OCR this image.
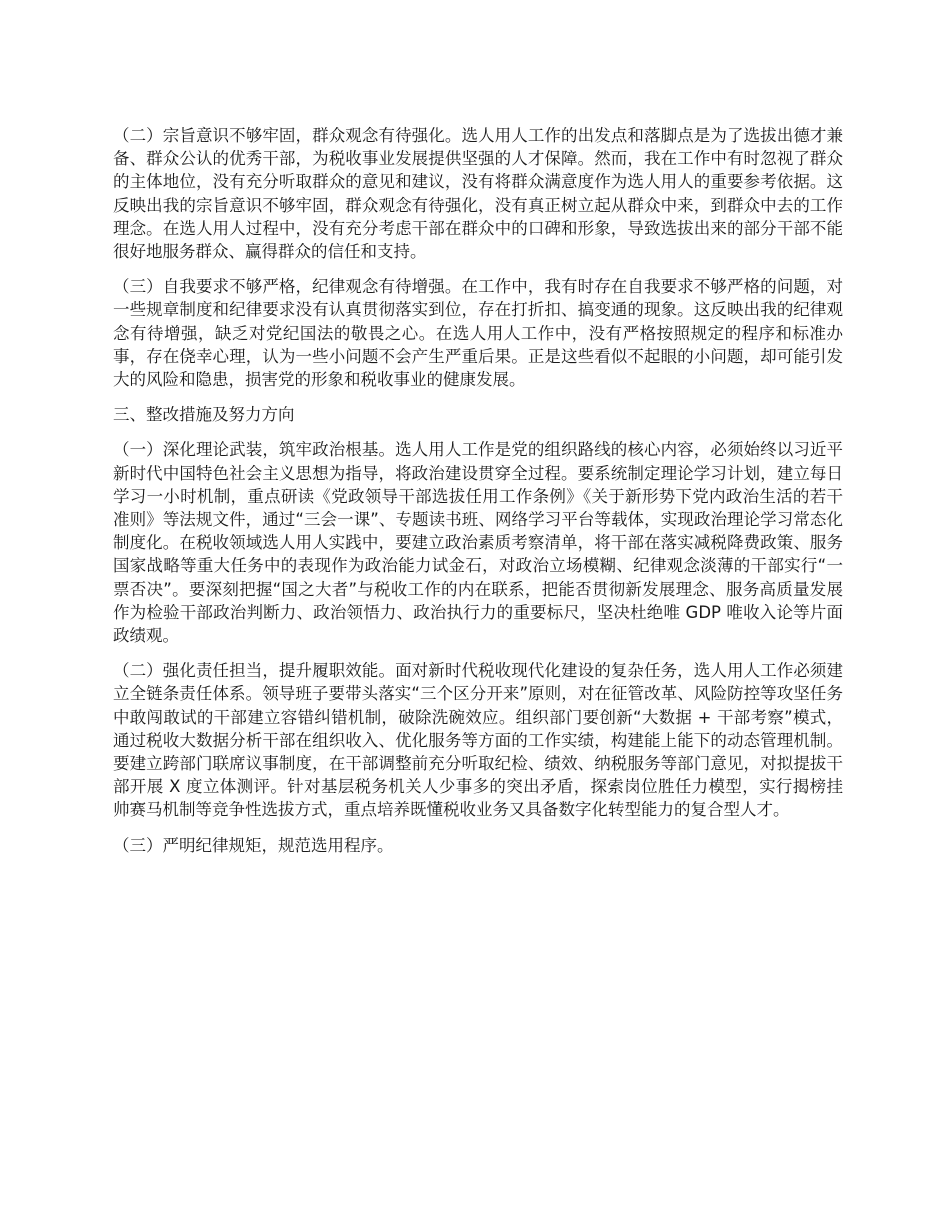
（二）宗旨意识不够牢固，群众观念有待强化。选人用人工作的出发点和落脚点是为了选拔出德才兼备、群众公认的优秀干部，为税收事业发展提供坚强的人才保障。然而，我在工作中有时忽视了群众的主体地位，没有充分听取群众的意见和建议，没有将群众满意度作为选人用人的重要参考依据。这反映出我的宗旨意识不够牢固，群众观念有待强化，没有真正树立起从群众中来，到群众中去的工作理念。在选人用人过程中，没有充分考虑干部在群众中的口碑和形象，导致选拔出来的部分干部不能很好地服务群众、赢得群众的信任和支持。

（三）自我要求不够严格，纪律观念有待增强。在工作中，我有时存在自我要求不够严格的问题，对一些规章制度和纪律要求没有认真贯彻落实到位，存在打折扣、搞变通的现象。这反映出我的纪律观念有待增强，缺乏对党纪国法的敬畏之心。在选人用人工作中，没有严格按照规定的程序和标准办事，存在侥幸心理，认为一些小问题不会产生严重后果。正是这些看似不起眼的小问题，却可能引发大的风险和隐患，损害党的形象和税收事业的健康发展。

三、整改措施及努力方向

（一）深化理论武装，筑牢政治根基。选人用人工作是党的组织路线的核心内容，必须始终以习近平新时代中国特色社会主义思想为指导，将政治建设贯穿全过程。要系统制定理论学习计划，建立每日学习一小时机制，重点研读《党政领导干部选拔任用工作条例》《关于新形势下党内政治生活的若干准则》等法规文件，通过“三会一课”、专题读书班、网络学习平台等载体，实现政治理论学习常态化制度化。在税收领域选人用人实践中，要建立政治素质考察清单，将干部在落实减税降费政策、服务国家战略等重大任务中的表现作为政治能力试金石，对政治立场模糊、纪律观念淡薄的干部实行“一票否决”。要深刻把握“国之大者”与税收工作的内在联系，把能否贯彻新发展理念、服务高质量发展作为检验干部政治判断力、政治领悟力、政治执行力的重要标尺，坚决杜绝唯 GDP 唯收入论等片面政绩观。

（二）强化责任担当，提升履职效能。面对新时代税收现代化建设的复杂任务，选人用人工作必须建立全链条责任体系。领导班子要带头落实“三个区分开来”原则，对在征管改革、风险防控等攻坚任务中敢闯敢试的干部建立容错纠错机制，破除洗碗效应。组织部门要创新“大数据 + 干部考察”模式，通过税收大数据分析干部在组织收入、优化服务等方面的工作实绩，构建能上能下的动态管理机制。要建立跨部门联席议事制度，在干部调整前充分听取纪检、绩效、纳税服务等部门意见，对拟提拔干部开展 X 度立体测评。针对基层税务机关人少事多的突出矛盾，探索岗位胜任力模型，实行揭榜挂帅赛马机制等竞争性选拔方式，重点培养既懂税收业务又具备数字化转型能力的复合型人才。

（三）严明纪律规矩，规范选用程序。
